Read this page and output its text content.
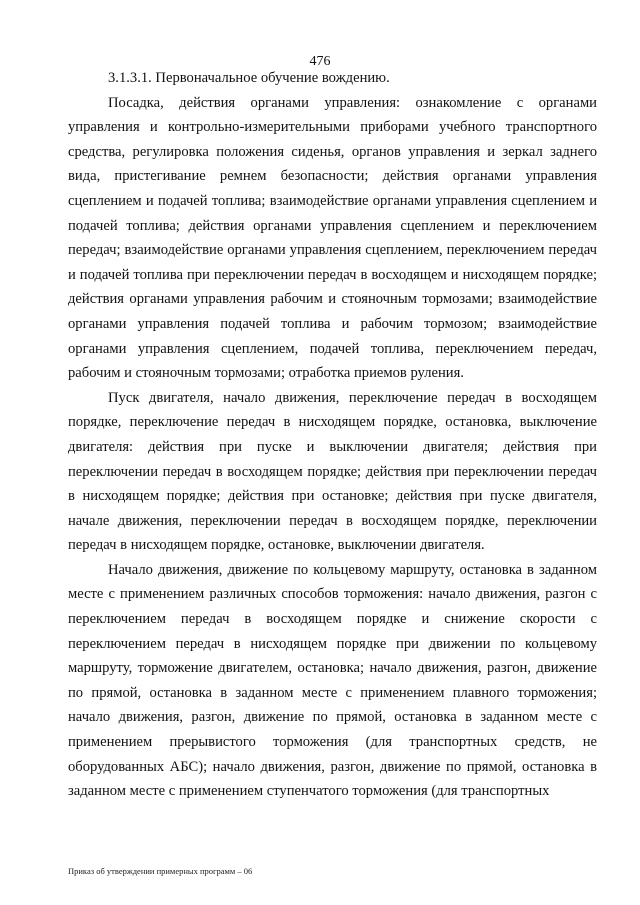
476

3.1.3.1. Первоначальное обучение вождению.

Посадка, действия органами управления: ознакомление с органами управления и контрольно-измерительными приборами учебного транспортного средства, регулировка положения сиденья, органов управления и зеркал заднего вида, пристегивание ремнем безопасности; действия органами управления сцеплением и подачей топлива; взаимодействие органами управления сцеплением и подачей топлива; действия органами управления сцеплением и переключением передач; взаимодействие органами управления сцеплением, переключением передач и подачей топлива при переключении передач в восходящем и нисходящем порядке; действия органами управления рабочим и стояночным тормозами; взаимодействие органами управления подачей топлива и рабочим тормозом; взаимодействие органами управления сцеплением, подачей топлива, переключением передач, рабочим и стояночным тормозами; отработка приемов руления.

Пуск двигателя, начало движения, переключение передач в восходящем порядке, переключение передач в нисходящем порядке, остановка, выключение двигателя: действия при пуске и выключении двигателя; действия при переключении передач в восходящем порядке; действия при переключении передач в нисходящем порядке; действия при остановке; действия при пуске двигателя, начале движения, переключении передач в восходящем порядке, переключении передач в нисходящем порядке, остановке, выключении двигателя.

Начало движения, движение по кольцевому маршруту, остановка в заданном месте с применением различных способов торможения: начало движения, разгон с переключением передач в восходящем порядке и снижение скорости с переключением передач в нисходящем порядке при движении по кольцевому маршруту, торможение двигателем, остановка; начало движения, разгон, движение по прямой, остановка в заданном месте с применением плавного торможения; начало движения, разгон, движение по прямой, остановка в заданном месте с применением прерывистого торможения (для транспортных средств, не оборудованных АБС); начало движения, разгон, движение по прямой, остановка в заданном месте с применением ступенчатого торможения (для транспортных

Приказ об утверждении примерных программ – 06
